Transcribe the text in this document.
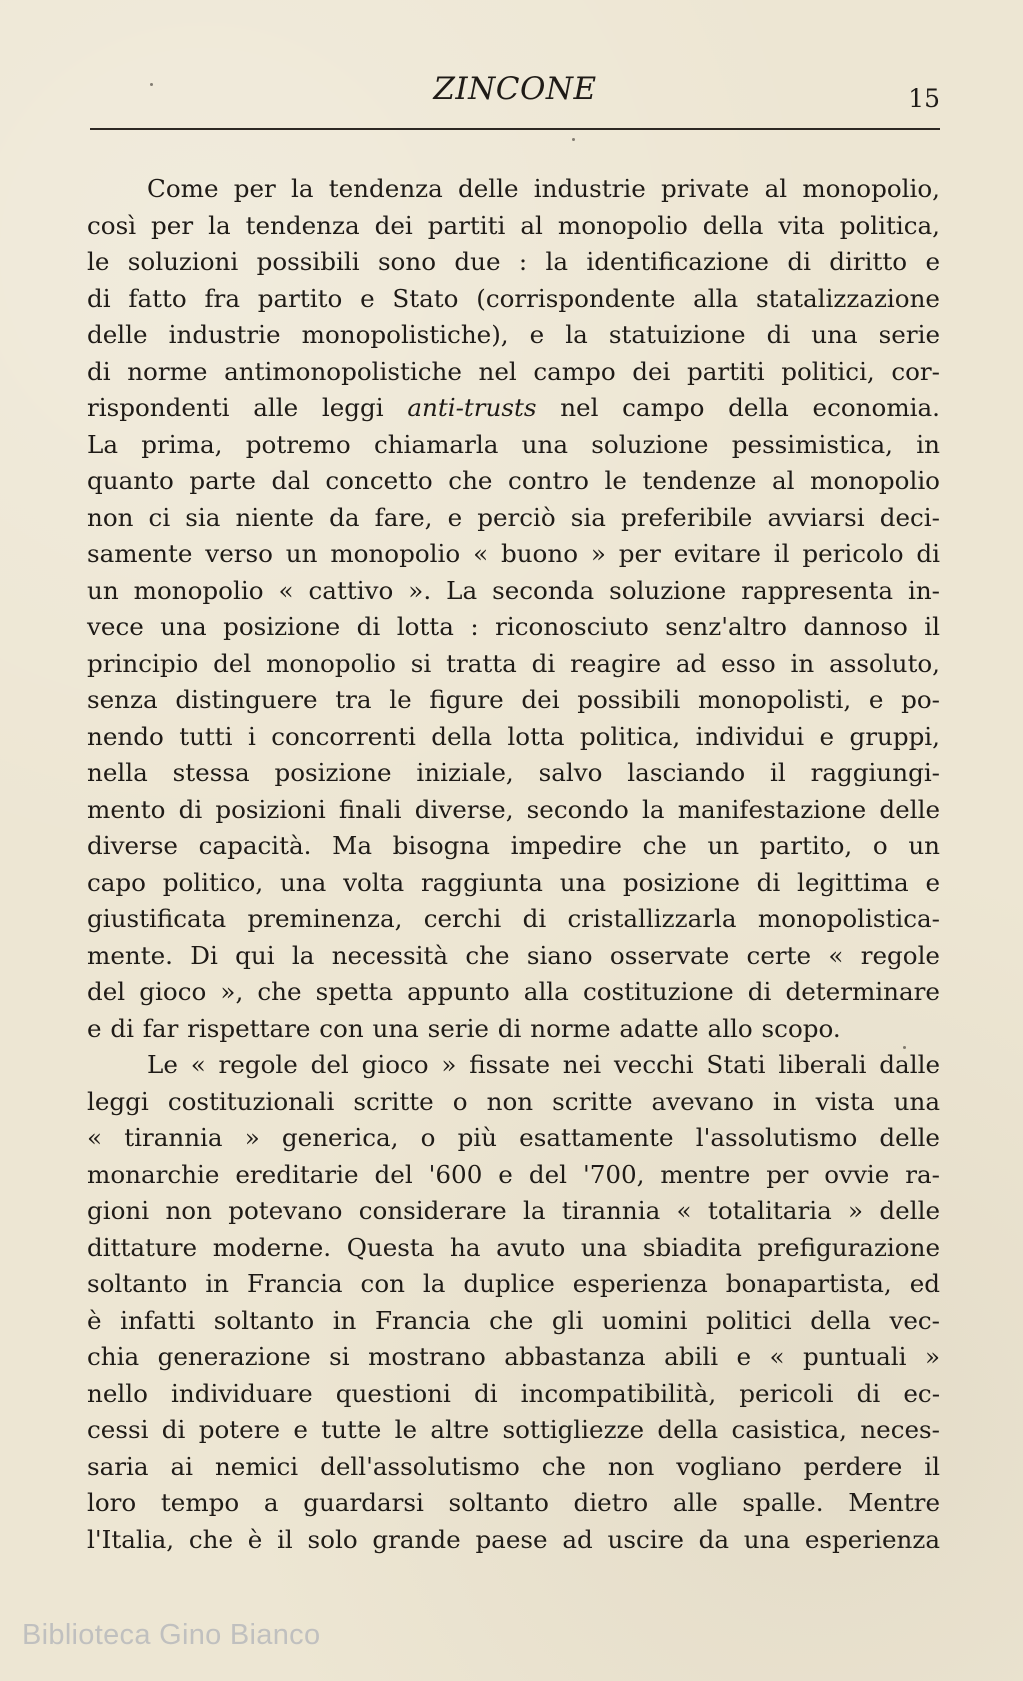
ZINCONE	15
Come per la tendenza delle industrie private al monopolio,
così per la tendenza dei partiti al monopolio della vita politica,
le soluzioni possibili sono due : la identificazione di diritto e
di fatto fra partito e Stato (corrispondente alla statalizzazione
delle industrie monopolistiche), e la statuizione di una serie
di norme antimonopolistiche nel campo dei partiti politici, cor-
rispondenti alle leggi anti-trusts nel campo della economia.
La prima, potremo chiamarla una soluzione pessimistica, in
quanto parte dal concetto che contro le tendenze al monopolio
non ci sia niente da fare, e perciò sia preferibile avviarsi deci-
samente verso un monopolio « buono » per evitare il pericolo di
un monopolio « cattivo ». La seconda soluzione rappresenta in-
vece una posizione di lotta : riconosciuto senz'altro dannoso il
principio del monopolio si tratta di reagire ad esso in assoluto,
senza distinguere tra le figure dei possibili monopolisti, e po-
nendo tutti i concorrenti della lotta politica, individui e gruppi,
nella stessa posizione iniziale, salvo lasciando il raggiungi-
mento di posizioni finali diverse, secondo la manifestazione delle
diverse capacità. Ma bisogna impedire che un partito, o un
capo politico, una volta raggiunta una posizione di legittima e
giustificata preminenza, cerchi di cristallizzarla monopolistica-
mente. Di qui la necessità che siano osservate certe « regole
del gioco », che spetta appunto alla costituzione di determinare
e di far rispettare con una serie di norme adatte allo scopo.
Le « regole del gioco » fissate nei vecchi Stati liberali dalle
leggi costituzionali scritte o non scritte avevano in vista una
« tirannia » generica, o più esattamente l'assolutismo delle
monarchie ereditarie del '600 e del '700, mentre per ovvie ra-
gioni non potevano considerare la tirannia « totalitaria » delle
dittature moderne. Questa ha avuto una sbiadita prefigurazione
soltanto in Francia con la duplice esperienza bonapartista, ed
è infatti soltanto in Francia che gli uomini politici della vec-
chia generazione si mostrano abbastanza abili e « puntuali »
nello individuare questioni di incompatibilità, pericoli di ec-
cessi di potere e tutte le altre sottigliezze della casistica, neces-
saria ai nemici dell'assolutismo che non vogliano perdere il
loro tempo a guardarsi soltanto dietro alle spalle. Mentre
l'Italia, che è il solo grande paese ad uscire da una esperienza
Biblioteca Gino Bianco
